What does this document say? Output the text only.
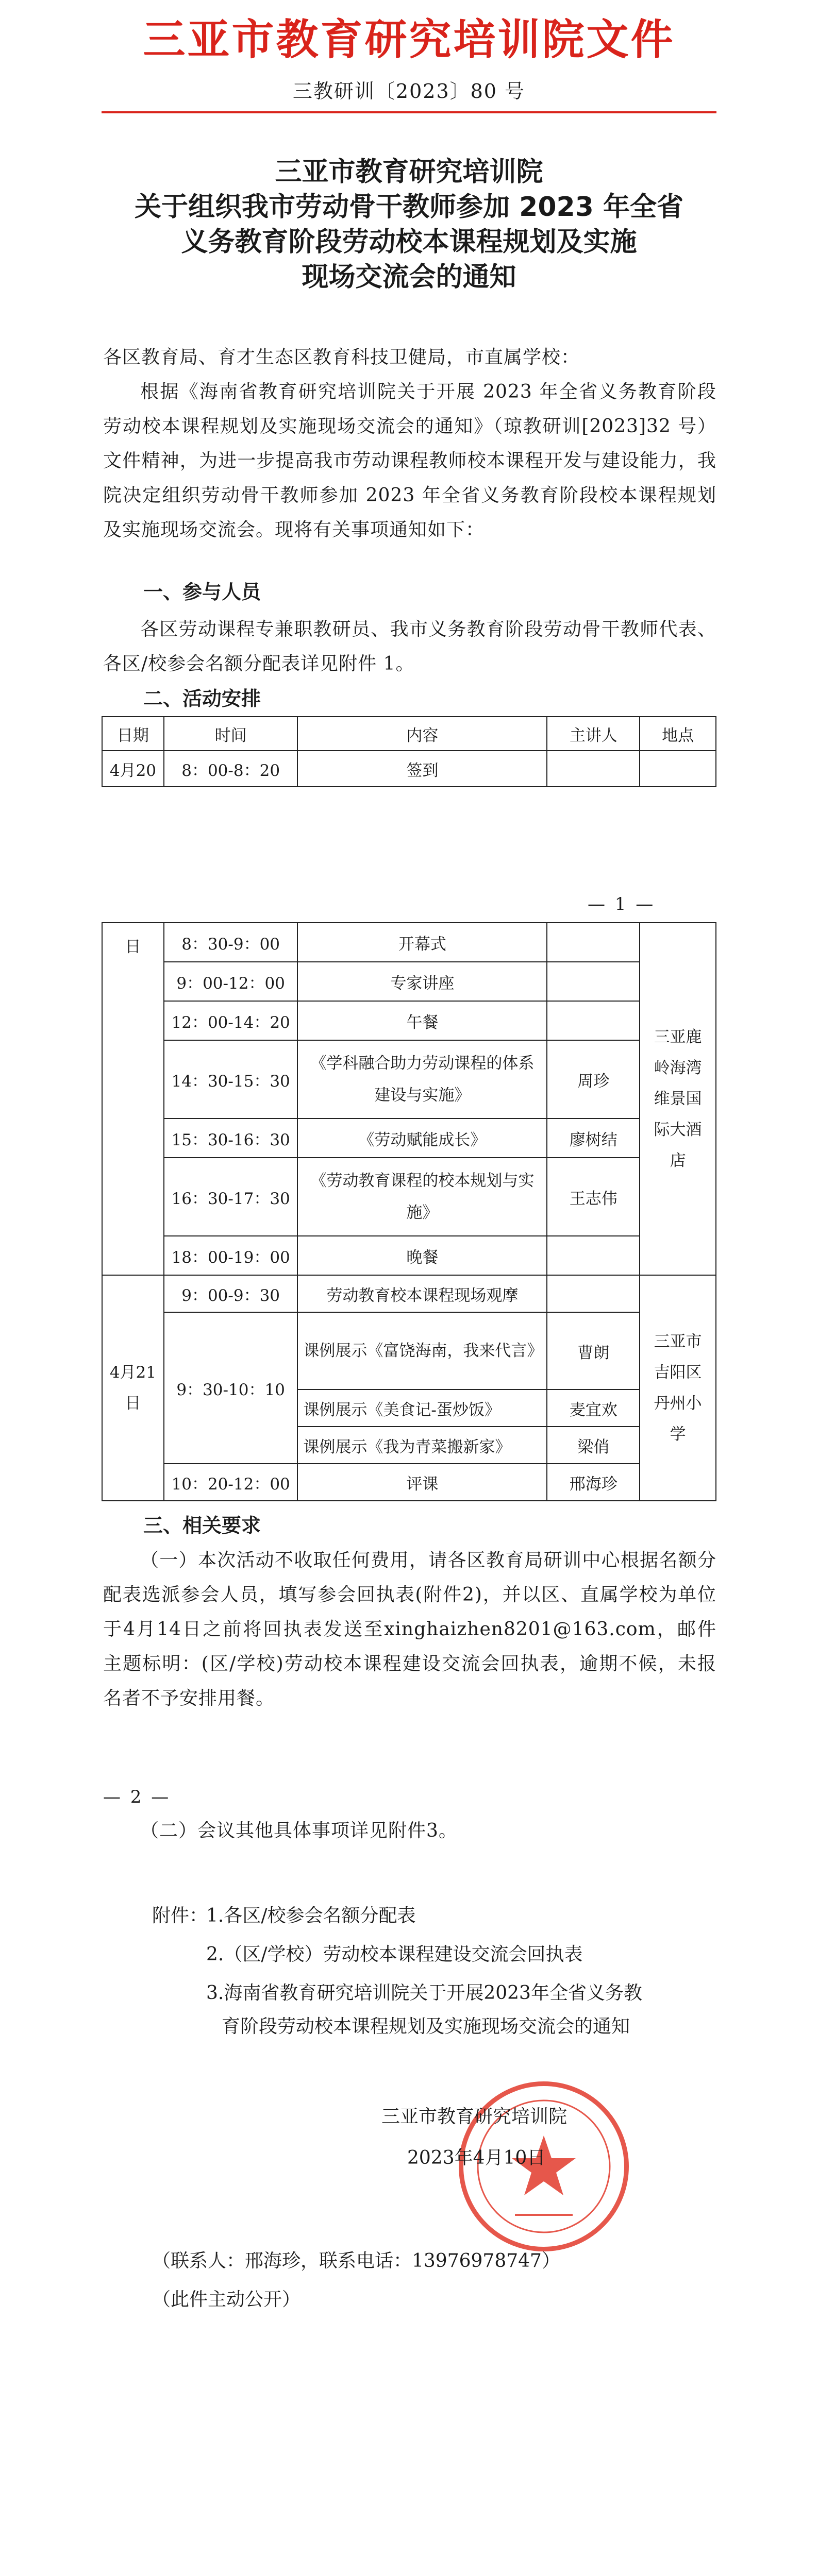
三亚市教育研究培训院文件
三教研训〔2023〕80 号
三亚市教育研究培训院
关于组织我市劳动骨干教师参加 2023 年全省
义务教育阶段劳动校本课程规划及实施
现场交流会的通知

各区教育局、育才生态区教育科技卫健局，市直属学校：

根据《海南省教育研究培训院关于开展 2023 年全省义务教育阶段劳动校本课程规划及实施现场交流会的通知》（琼教研训[2023]32 号）文件精神，为进一步提高我市劳动课程教师校本课程开发与建设能力，我院决定组织劳动骨干教师参加 2023 年全省义务教育阶段校本课程规划及实施现场交流会。现将有关事项通知如下：

一、参与人员

各区劳动课程专兼职教研员、我市义务教育阶段劳动骨干教师代表、各区/校参会名额分配表详见附件 1。

二、活动安排
日期	时间	内容	主讲人	地点
4月20	8：00-8：20	签到		
— 1 —
日	8：30-9：00	开幕式		三亚鹿岭海湾维景国际大酒店
	9：00-12：00	专家讲座		
	12：00-14：20	午餐		
	14：30-15：30	《学科融合助力劳动课程的体系建设与实施》	周珍	
	15：30-16：30	《劳动赋能成长》	廖树结	
	16：30-17：30	《劳动教育课程的校本规划与实施》	王志伟	
	18：00-19：00	晚餐		
4月21日	9：00-9：30	劳动教育校本课程现场观摩		三亚市吉阳区丹州小学
	9：30-10：10	课例展示《富饶海南，我来代言》	曹朗	
		课例展示《美食记-蛋炒饭》	麦宜欢	
		课例展示《我为青菜搬新家》	梁俏	
	10：20-12：00	评课	邢海珍	
三、相关要求

（一）本次活动不收取任何费用，请各区教育局研训中心根据名额分配表选派参会人员，填写参会回执表(附件2)，并以区、直属学校为单位于4月14日之前将回执表发送至xinghaizhen8201@163.com，邮件主题标明：(区/学校)劳动校本课程建设交流会回执表，逾期不候，未报名者不予安排用餐。

— 2 —

（二）会议其他具体事项详见附件3。

附件：
1.各区/校参会名额分配表
2.（区/学校）劳动校本课程建设交流会回执表
3.海南省教育研究培训院关于开展2023年全省义务教
育阶段劳动校本课程规划及实施现场交流会的通知
三亚市教育研究培训院
2023年4月10日
（联系人：邢海珍，联系电话：13976978747）
（此件主动公开）
